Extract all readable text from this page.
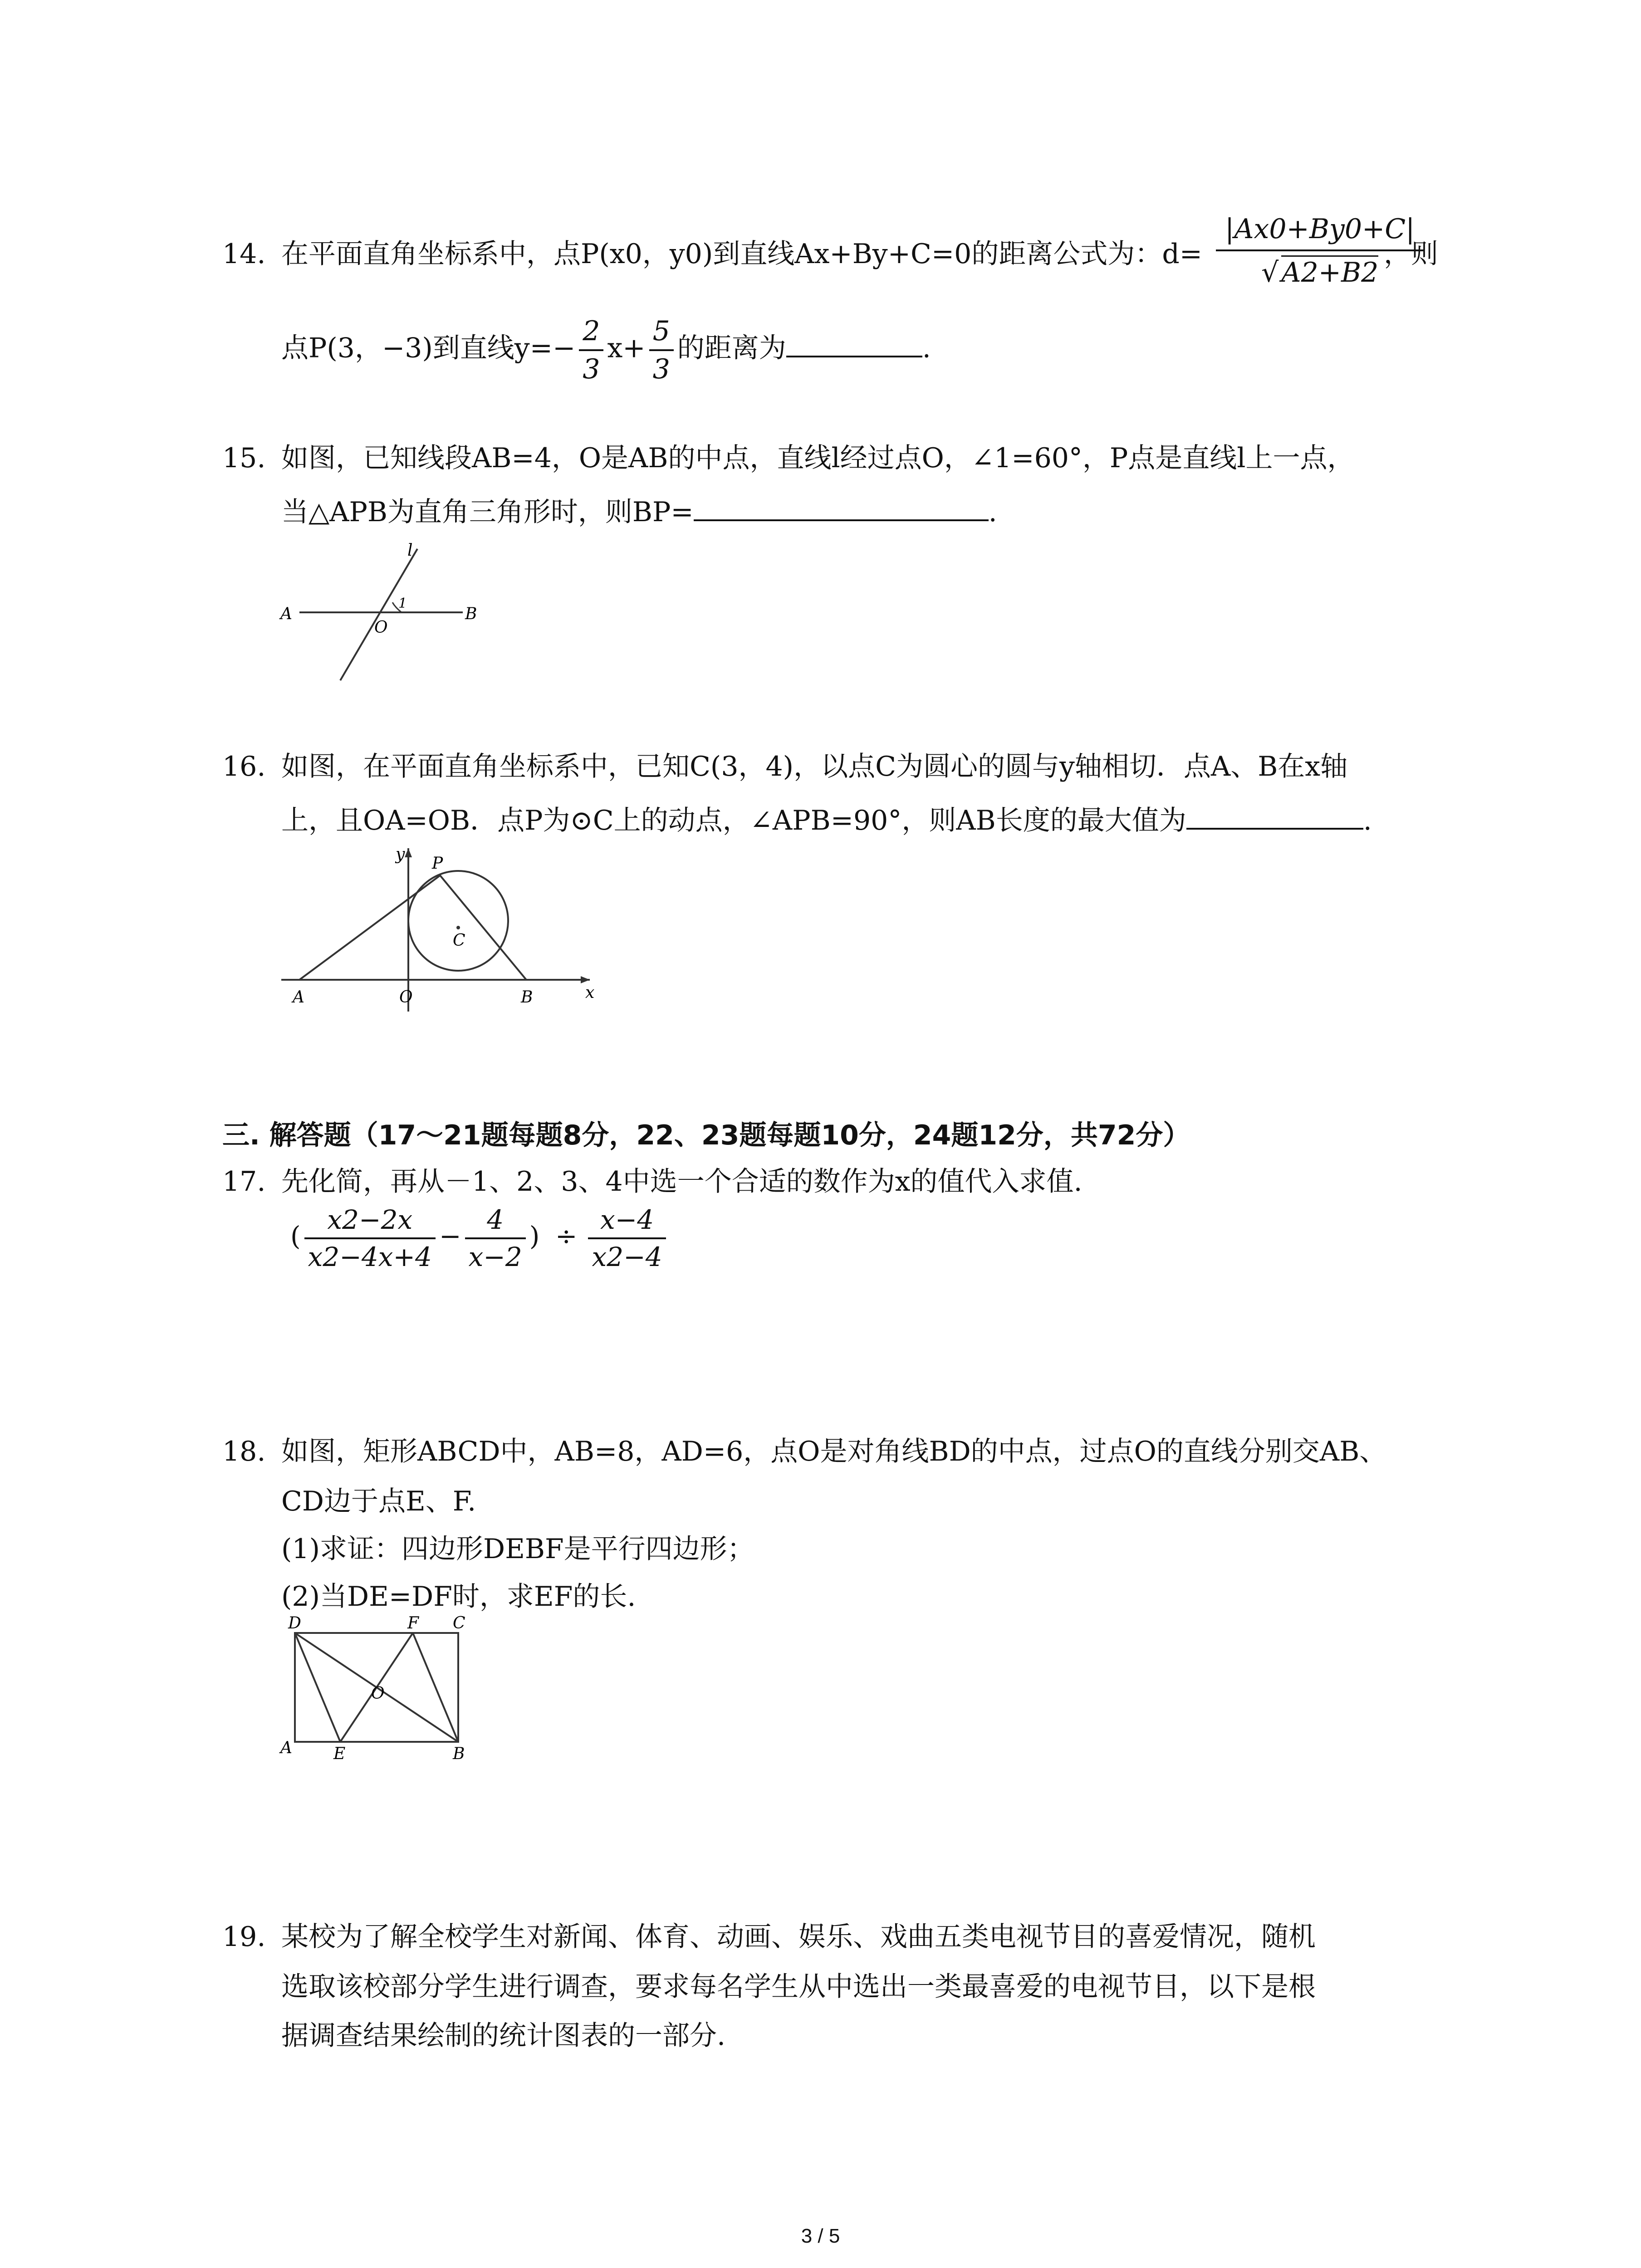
14. 在平面直角坐标系中，点P(x0，y0)到直线Ax+By+C=0的距离公式为：$d= \frac{|Ax0+By0+C|}{√ A2+B2}$
，则
点P(3，−3)到直线$y=- \frac{2}{3} x+ \frac{5}{3}$ 的距离为	.
15. 如图，已知线段AB=4，O是AB的中点，直线l经过点O，∠1=60°，P点是直线l上一点，
当△APB为直角三角形时，则BP=	.
l
1
A
O
B
16. 如图，在平面直角坐标系中，已知C(3，4)，以点C为圆心的圆与y轴相切．点A、B在x轴
上，且OA=OB．点P为⊙C上的动点，∠APB=90°，则AB长度的最大值为	.
y
x
P
C
A	O	B
三. 解答题（17～21题每题8分，22、23题每题10分，24题12分，共72分）
17. 先化简，再从－1、2、3、4中选一个合适的数作为x的值代入求值.
( $\frac{x2-2x}{x2-4x+4} - \frac{4}{x-2}$ ) ÷ $\frac{x-4}{x2-4}$
18. 如图，矩形ABCD中，AB=8，AD=6，点O是对角线BD的中点，过点O的直线分别交AB、
CD边于点E、F.
(1)求证：四边形DEBF是平行四边形；
(2)当DE=DF时，求EF的长.
D	F C
O
A	E	B
19. 某校为了解全校学生对新闻、体育、动画、娱乐、戏曲五类电视节目的喜爱情况，随机
选取该校部分学生进行调查，要求每名学生从中选出一类最喜爱的电视节目，以下是根
据调查结果绘制的统计图表的一部分.
3 / 5
